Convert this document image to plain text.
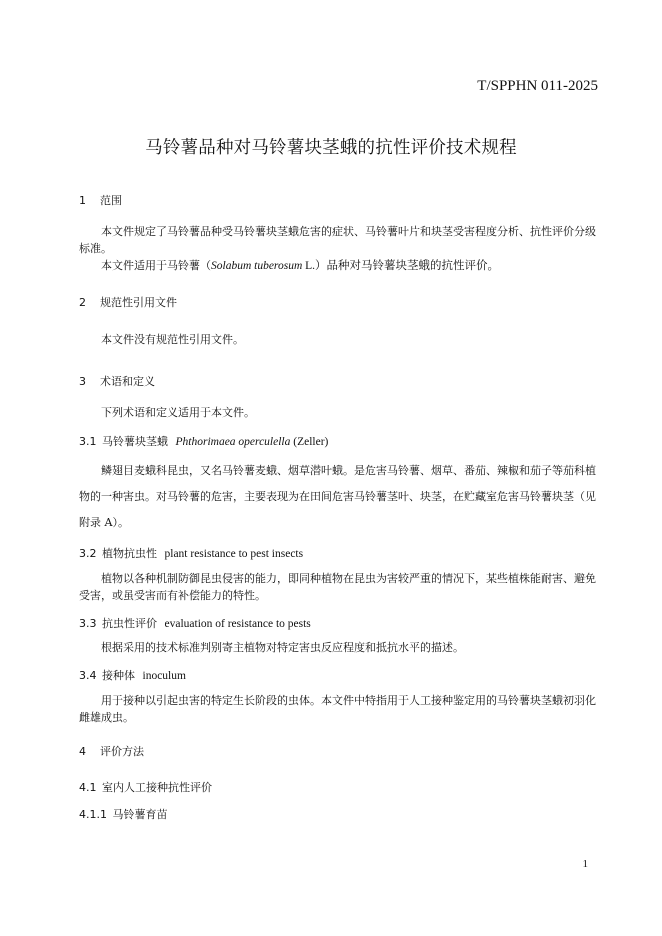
T/SPPHN 011-2025
马铃薯品种对马铃薯块茎蛾的抗性评价技术规程
1 范围
本文件规定了马铃薯品种受马铃薯块茎蛾危害的症状、马铃薯叶片和块茎受害程度分析、抗性评价分级标准。
本文件适用于马铃薯（Solabum tuberosum L.）品种对马铃薯块茎蛾的抗性评价。
2 规范性引用文件
本文件没有规范性引用文件。
3 术语和定义
下列术语和定义适用于本文件。
3.1 马铃薯块茎蛾 Phthorimaea operculella (Zeller)
鳞翅目麦蛾科昆虫，又名马铃薯麦蛾、烟草潜叶蛾。是危害马铃薯、烟草、番茄、辣椒和茄子等茄科植物的一种害虫。对马铃薯的危害，主要表现为在田间危害马铃薯茎叶、块茎，在贮藏室危害马铃薯块茎（见附录 A）。
3.2 植物抗虫性 plant resistance to pest insects
植物以各种机制防御昆虫侵害的能力，即同种植物在昆虫为害较严重的情况下，某些植株能耐害、避免受害，或虽受害而有补偿能力的特性。
3.3 抗虫性评价 evaluation of resistance to pests
根据采用的技术标准判别寄主植物对特定害虫反应程度和抵抗水平的描述。
3.4 接种体 inoculum
用于接种以引起虫害的特定生长阶段的虫体。本文件中特指用于人工接种鉴定用的马铃薯块茎蛾初羽化雌雄成虫。
4 评价方法
4.1 室内人工接种抗性评价
4.1.1 马铃薯育苗
1
